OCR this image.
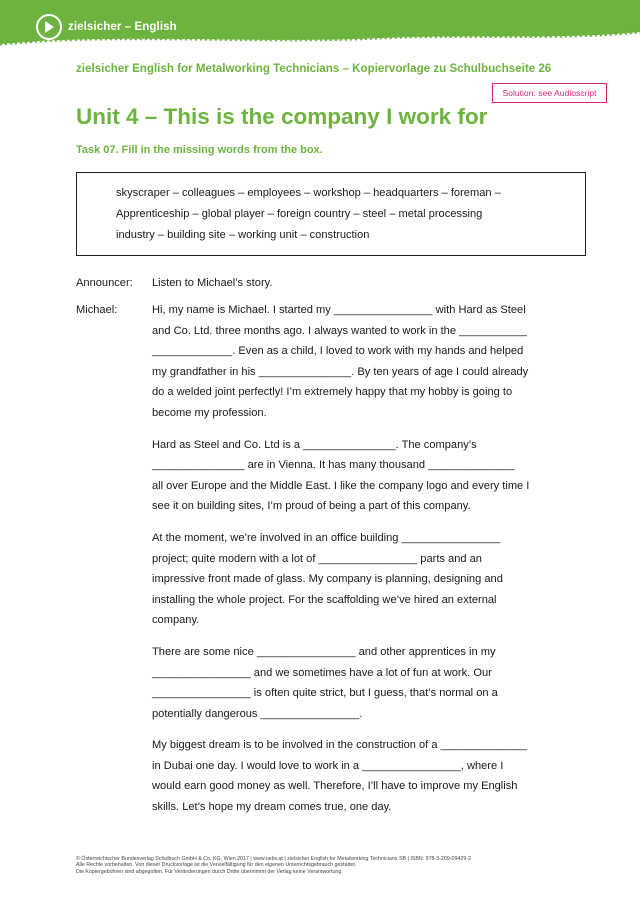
zielsicher – English
zielsicher English for Metalworking Technicians – Kopiervorlage zu Schulbuchseite 26
Solution: see Audioscript
Unit 4 – This is the company I work for
Task 07. Fill in the missing words from the box.
skyscraper – colleagues – employees – workshop – headquarters – foreman –
Apprenticeship – global player – foreign country – steel – metal processing
industry – building site – working unit – construction
Announcer: Listen to Michael’s story.

Michael:	Hi, my name is Michael. I started my ________________ with Hard as Steel
and Co. Ltd. three months ago. I always wanted to work in the ___________
_____________. Even as a child, I loved to work with my hands and helped
my grandfather in his _______________. By ten years of age I could already
do a welded joint perfectly! I’m extremely happy that my hobby is going to
become my profession.

Hard as Steel and Co. Ltd is a _______________. The company’s
_______________ are in Vienna. It has many thousand ______________
all over Europe and the Middle East. I like the company logo and every time I
see it on building sites, I’m proud of being a part of this company.

At the moment, we’re involved in an office building ________________
project; quite modern with a lot of ________________ parts and an
impressive front made of glass. My company is planning, designing and
installing the whole project. For the scaffolding we’ve hired an external
company.

There are some nice ________________ and other apprentices in my
________________ and we sometimes have a lot of fun at work. Our
________________ is often quite strict, but I guess, that’s normal on a
potentially dangerous ________________.

My biggest dream is to be involved in the construction of a ______________
in Dubai one day. I would love to work in a ________________, where I
would earn good money as well. Therefore, I’ll have to improve my English
skills. Let’s hope my dream comes true, one day.

© Österreichischer Bundesverlag Schulbuch GmbH & Co. KG, Wien 2017 | www.oebv.at | zielsicher English for Metalworking Technicians SB | ISBN: 978-3-209-09429-2
Alle Rechte vorbehalten. Von dieser Druckvorlage ist die Vervielfältigung für den eigenen Unterrichtsgebrauch gestattet.
Die Kopiergebühren sind abgegolten. Für Veränderungen durch Dritte übernimmt der Verlag keine Verantwortung.
